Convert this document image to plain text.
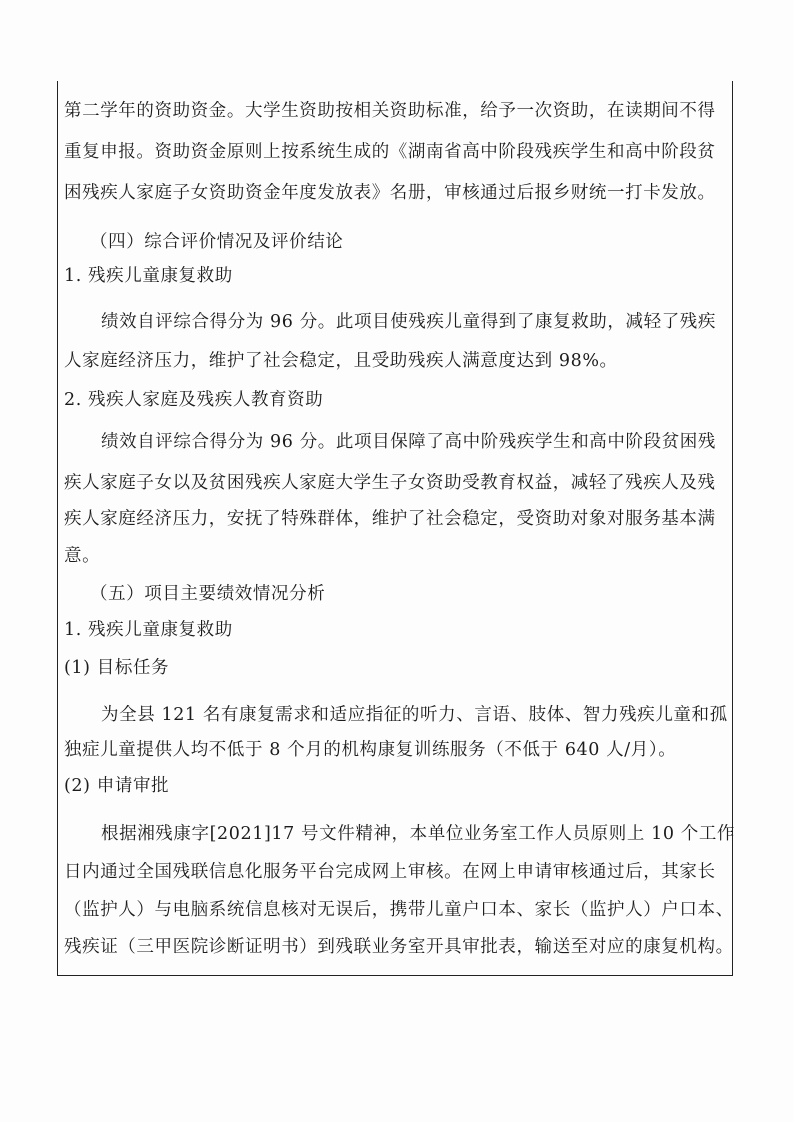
第二学年的资助资金。大学生资助按相关资助标准，给予一次资助，在读期间不得
重复申报。资助资金原则上按系统生成的《湖南省高中阶段残疾学生和高中阶段贫
困残疾人家庭子女资助资金年度发放表》名册，审核通过后报乡财统一打卡发放。
（四）综合评价情况及评价结论
1. 残疾儿童康复救助
绩效自评综合得分为 96 分。此项目使残疾儿童得到了康复救助，减轻了残疾
人家庭经济压力，维护了社会稳定，且受助残疾人满意度达到 98%。
2. 残疾人家庭及残疾人教育资助
绩效自评综合得分为 96 分。此项目保障了高中阶残疾学生和高中阶段贫困残
疾人家庭子女以及贫困残疾人家庭大学生子女资助受教育权益，减轻了残疾人及残
疾人家庭经济压力，安抚了特殊群体，维护了社会稳定，受资助对象对服务基本满
意。
（五）项目主要绩效情况分析
1. 残疾儿童康复救助
(1) 目标任务
为全县 121 名有康复需求和适应指征的听力、言语、肢体、智力残疾儿童和孤
独症儿童提供人均不低于 8 个月的机构康复训练服务（不低于 640 人/月）。
(2) 申请审批
根据湘残康字[2021]17 号文件精神，本单位业务室工作人员原则上 10 个工作
日内通过全国残联信息化服务平台完成网上审核。在网上申请审核通过后，其家长
（监护人）与电脑系统信息核对无误后，携带儿童户口本、家长（监护人）户口本、
残疾证（三甲医院诊断证明书）到残联业务室开具审批表，输送至对应的康复机构。
